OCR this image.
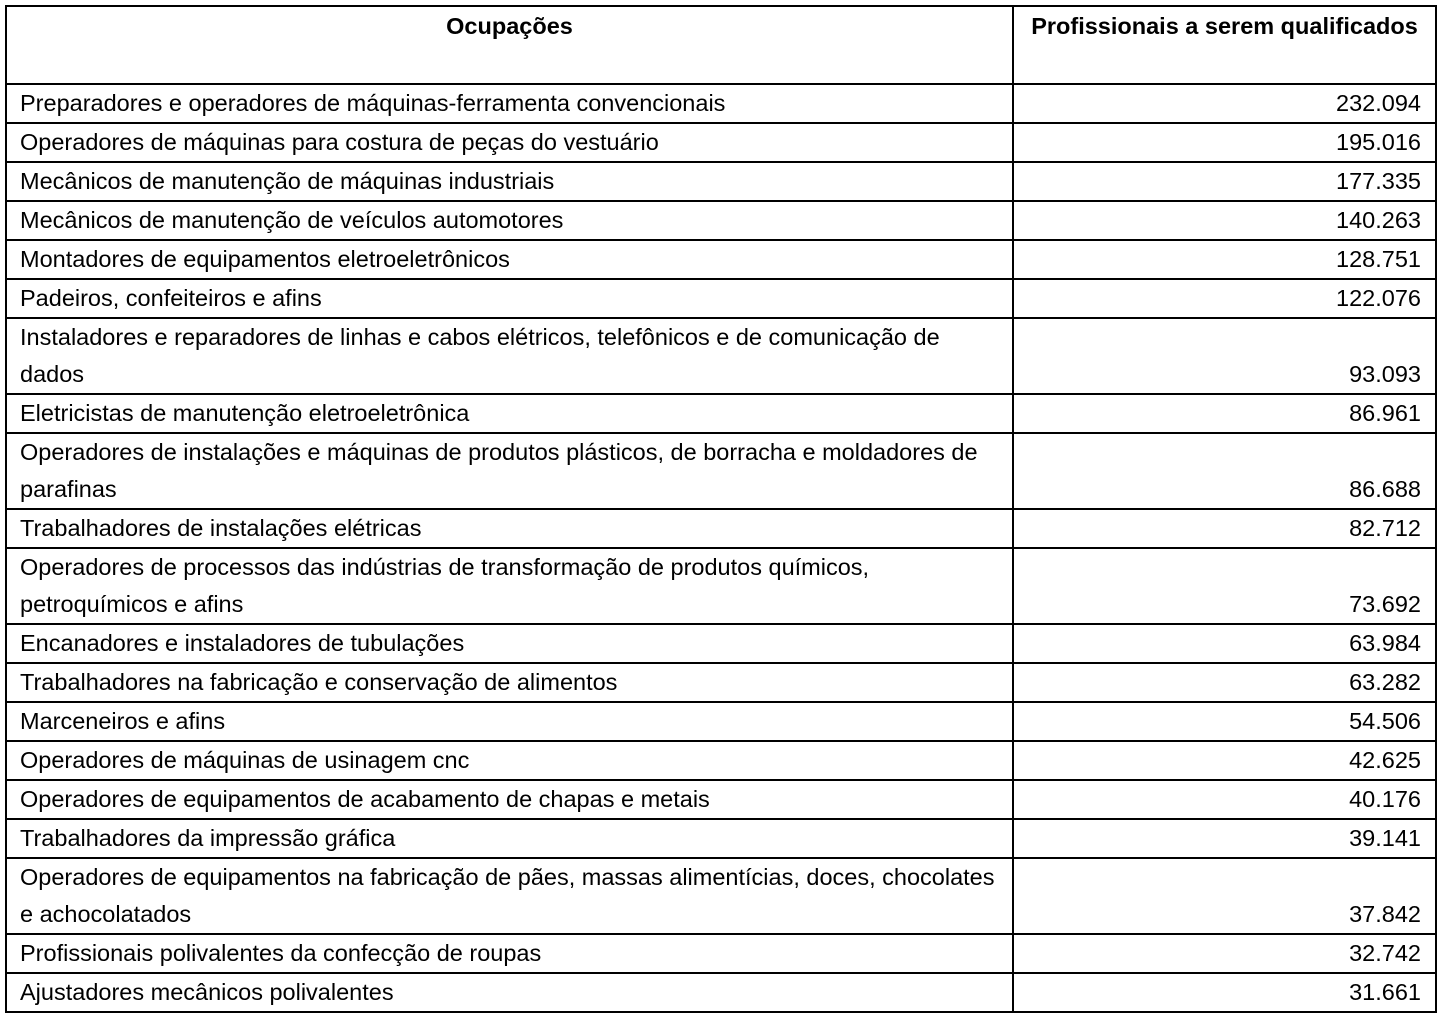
Ocupações	Profissionais a serem qualificados
Preparadores e operadores de máquinas-ferramenta convencionais	232.094
Operadores de máquinas para costura de peças do vestuário	195.016
Mecânicos de manutenção de máquinas industriais	177.335
Mecânicos de manutenção de veículos automotores	140.263
Montadores de equipamentos eletroeletrônicos	128.751
Padeiros, confeiteiros e afins	122.076
Instaladores e reparadores de linhas e cabos elétricos, telefônicos e de comunicação de dados	93.093
Eletricistas de manutenção eletroeletrônica	86.961
Operadores de instalações e máquinas de produtos plásticos, de borracha e moldadores de parafinas	86.688
Trabalhadores de instalações elétricas	82.712
Operadores de processos das indústrias de transformação de produtos químicos, petroquímicos e afins	73.692
Encanadores e instaladores de tubulações	63.984
Trabalhadores na fabricação e conservação de alimentos	63.282
Marceneiros e afins	54.506
Operadores de máquinas de usinagem cnc	42.625
Operadores de equipamentos de acabamento de chapas e metais	40.176
Trabalhadores da impressão gráfica	39.141
Operadores de equipamentos na fabricação de pães, massas alimentícias, doces, chocolates e achocolatados	37.842
Profissionais polivalentes da confecção de roupas	32.742
Ajustadores mecânicos polivalentes	31.661
